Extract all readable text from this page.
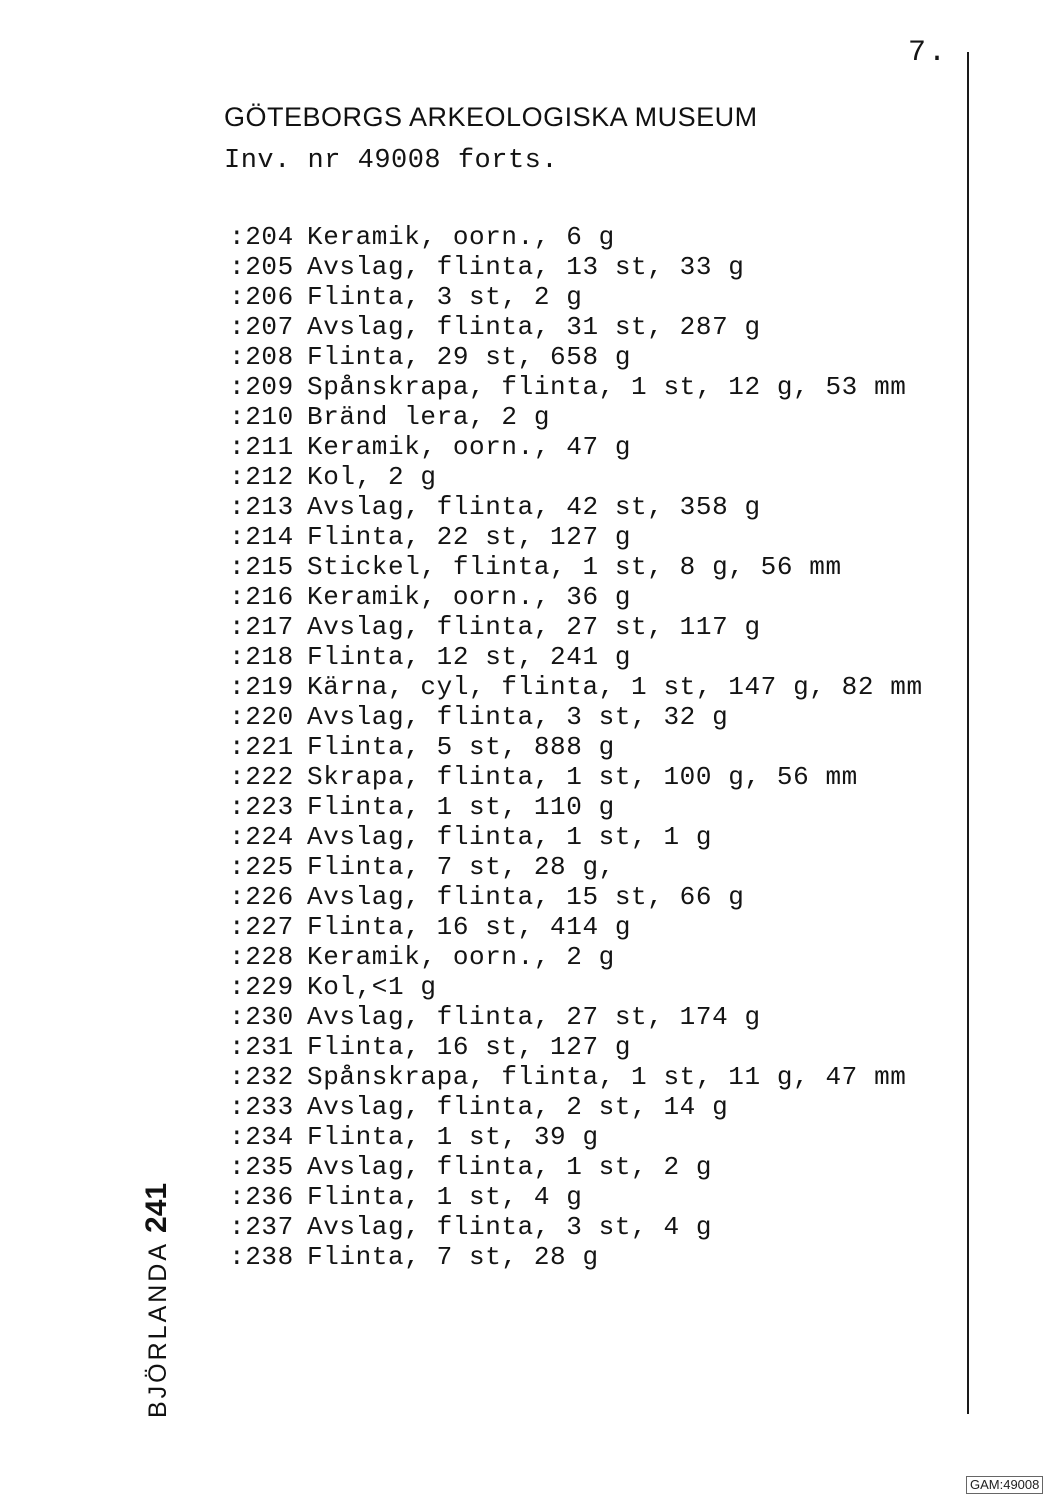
7.
GÖTEBORGS ARKEOLOGISKA MUSEUM
Inv. nr 49008 forts.
:204 Keramik, oorn., 6 g
:205 Avslag, flinta, 13 st, 33 g
:206 Flinta, 3 st, 2 g
:207 Avslag, flinta, 31 st, 287 g
:208 Flinta, 29 st, 658 g
:209 Spånskrapa, flinta, 1 st, 12 g, 53 mm
:210 Bränd lera, 2 g
:211 Keramik, oorn., 47 g
:212 Kol, 2 g
:213 Avslag, flinta, 42 st, 358 g
:214 Flinta, 22 st, 127 g
:215 Stickel, flinta, 1 st, 8 g, 56 mm
:216 Keramik, oorn., 36 g
:217 Avslag, flinta, 27 st, 117 g
:218 Flinta, 12 st, 241 g
:219 Kärna, cyl, flinta, 1 st, 147 g, 82 mm
:220 Avslag, flinta, 3 st, 32 g
:221 Flinta, 5 st, 888 g
:222 Skrapa, flinta, 1 st, 100 g, 56 mm
:223 Flinta, 1 st, 110 g
:224 Avslag, flinta, 1 st, 1 g
:225 Flinta, 7 st, 28 g,
:226 Avslag, flinta, 15 st, 66 g
:227 Flinta, 16 st, 414 g
:228 Keramik, oorn., 2 g
:229 Kol,<1 g
:230 Avslag, flinta, 27 st, 174 g
:231 Flinta, 16 st, 127 g
:232 Spånskrapa, flinta, 1 st, 11 g, 47 mm
:233 Avslag, flinta, 2 st, 14 g
:234 Flinta, 1 st, 39 g
:235 Avslag, flinta, 1 st, 2 g
:236 Flinta, 1 st, 4 g
:237 Avslag, flinta, 3 st, 4 g
:238 Flinta, 7 st, 28 g
BJÖRLANDA241
GAM:49008
